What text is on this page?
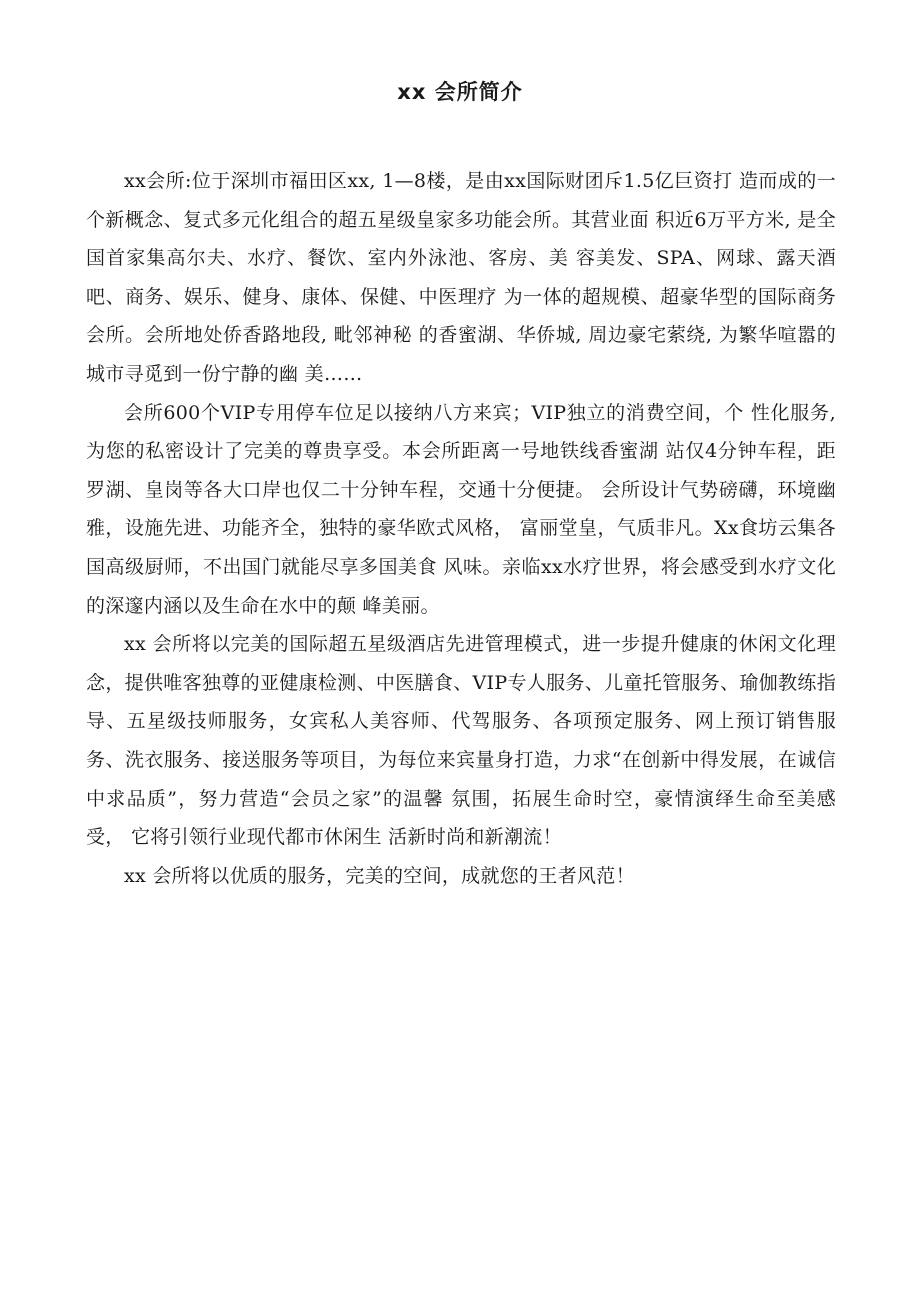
xx 会所简介

xx会所:位于深圳市福田区xx, 1—8楼，是由xx国际财团斥1.5亿巨资打 造而成的一个新概念、复式多元化组合的超五星级皇家多功能会所。其营业面 积近6万平方米, 是全国首家集高尔夫、水疗、餐饮、室内外泳池、客房、美 容美发、SPA、网球、露天酒吧、商务、娱乐、健身、康体、保健、中医理疗 为一体的超规模、超豪华型的国际商务会所。会所地处侨香路地段, 毗邻神秘 的香蜜湖、华侨城, 周边豪宅萦绕, 为繁华喧嚣的城市寻觅到一份宁静的幽 美……

会所600个VIP专用停车位足以接纳八方来宾；VIP独立的消费空间，个 性化服务, 为您的私密设计了完美的尊贵享受。本会所距离一号地铁线香蜜湖 站仅4分钟车程，距罗湖、皇岗等各大口岸也仅二十分钟车程，交通十分便捷。 会所设计气势磅礴，环境幽雅，设施先进、功能齐全，独特的豪华欧式风格， 富丽堂皇，气质非凡。Xx食坊云集各国高级厨师，不出国门就能尽享多国美食 风味。亲临xx水疗世界，将会感受到水疗文化的深邃内涵以及生命在水中的颠 峰美丽。

xx 会所将以完美的国际超五星级酒店先进管理模式，进一步提升健康的休闲文化理念，提供唯客独尊的亚健康检测、中医膳食、VIP专人服务、儿童托管服务、瑜伽教练指导、五星级技师服务，女宾私人美容师、代驾服务、各项预定服务、网上预订销售服务、洗衣服务、接送服务等项目，为每位来宾量身打造，力求“在创新中得发展，在诚信中求品质”，努力营造“会员之家”的温馨 氛围，拓展生命时空，豪情演绎生命至美感受， 它将引领行业现代都市休闲生 活新时尚和新潮流！

xx 会所将以优质的服务，完美的空间，成就您的王者风范！
